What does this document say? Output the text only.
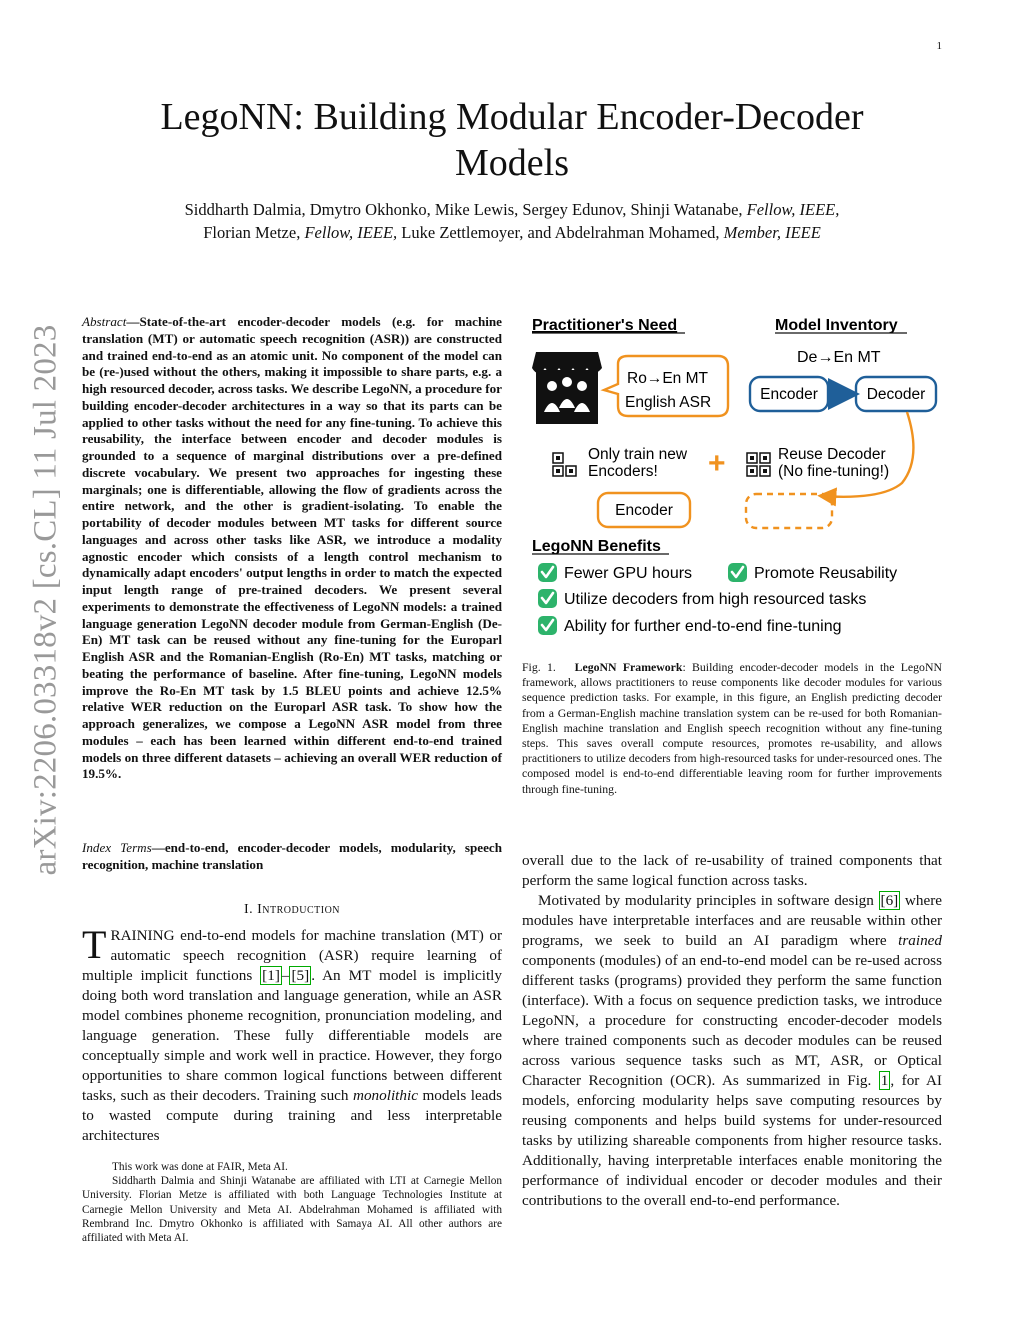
1
LegoNN: Building Modular Encoder-Decoder
Models
Siddharth Dalmia, Dmytro Okhonko, Mike Lewis, Sergey Edunov, Shinji Watanabe, Fellow, IEEE,
Florian Metze, Fellow, IEEE, Luke Zettlemoyer, and Abdelrahman Mohamed, Member, IEEE
arXiv:2206.03318v2 [cs.CL] 11 Jul 2023
Abstract—State-of-the-art encoder-decoder models (e.g. for machine translation (MT) or automatic speech recognition (ASR)) are constructed and trained end-to-end as an atomic unit. No component of the model can be (re-)used without the others, making it impossible to share parts, e.g. a high resourced decoder, across tasks. We describe LegoNN, a procedure for building encoder-decoder architectures in a way so that its parts can be applied to other tasks without the need for any fine-tuning. To achieve this reusability, the interface between encoder and decoder modules is grounded to a sequence of marginal distributions over a pre-defined discrete vocabulary. We present two approaches for ingesting these marginals; one is differentiable, allowing the flow of gradients across the entire network, and the other is gradient-isolating. To enable the portability of decoder modules between MT tasks for different source languages and across other tasks like ASR, we introduce a modality agnostic encoder which consists of a length control mechanism to dynamically adapt encoders' output lengths in order to match the expected input length range of pre-trained decoders. We present several experiments to demonstrate the effectiveness of LegoNN models: a trained language generation LegoNN decoder module from German-English (De-En) MT task can be reused without any fine-tuning for the Europarl English ASR and the Romanian-English (Ro-En) MT tasks, matching or beating the performance of baseline. After fine-tuning, LegoNN models improve the Ro-En MT task by 1.5 BLEU points and achieve 12.5% relative WER reduction on the Europarl ASR task. To show how the approach generalizes, we compose a LegoNN ASR model from three modules – each has been learned within different end-to-end trained models on three different datasets – achieving an overall WER reduction of 19.5%.
Index Terms—end-to-end, encoder-decoder models, modularity, speech recognition, machine translation
I. Introduction
TRAINING end-to-end models for machine translation (MT) or automatic speech recognition (ASR) require learning of multiple implicit functions [1] – [5] . An MT model is implicitly doing both word translation and language generation, while an ASR model combines phoneme recognition, pronunciation modeling, and language generation. These fully differentiable models are conceptually simple and work well in practice. However, they forgo opportunities to share common logical functions between different tasks, such as their decoders. Training such monolithic models leads to wasted compute during training and less interpretable architectures

This work was done at FAIR, Meta AI.

Siddharth Dalmia and Shinji Watanabe are affiliated with LTI at Carnegie Mellon University. Florian Metze is affiliated with both Language Technologies Institute at Carnegie Mellon University and Meta AI. Abdelrahman Mohamed is affiliated with Rembrand Inc. Dmytro Okhonko is affiliated with Samaya AI. All other authors are affiliated with Meta AI.

Practitioner's Need	Model Inventory
De→En MT
Ro→En MT
English ASR	Encoder	Decoder
Only train new
Encoders! +	Reuse Decoder
(No fine-tuning!)
Encoder
LegoNN Benefits
Fewer GPU hours	Promote Reusability
Utilize decoders from high resourced tasks
Ability for further end-to-end fine-tuning
Fig. 1. LegoNN Framework: Building encoder-decoder models in the LegoNN framework, allows practitioners to reuse components like decoder modules for various sequence prediction tasks. For example, in this figure, an English predicting decoder from a German-English machine translation system can be re-used for both Romanian-English machine translation and English speech recognition without any fine-tuning steps. This saves overall compute resources, promotes re-usability, and allows practitioners to utilize decoders from high-resourced tasks for under-resourced ones. The composed model is end-to-end differentiable leaving room for further improvements through fine-tuning.

overall due to the lack of re-usability of trained components that perform the same logical function across tasks.

Motivated by modularity principles in software design [6] where modules have interpretable interfaces and are reusable within other programs, we seek to build an AI paradigm where trained components (modules) of an end-to-end model can be re-used across different tasks (programs) provided they perform the same function (interface). With a focus on sequence prediction tasks, we introduce LegoNN, a procedure for constructing encoder-decoder models where trained components such as decoder modules can be reused across various sequence tasks such as MT, ASR, or Optical Character Recognition (OCR). As summarized in Fig. 1 , for AI models, enforcing modularity helps save computing resources by reusing components and helps build systems for under-resourced tasks by utilizing shareable components from higher resource tasks. Additionally, having interpretable interfaces enable monitoring the performance of individual encoder or decoder modules and their contributions to the overall end-to-end performance.
